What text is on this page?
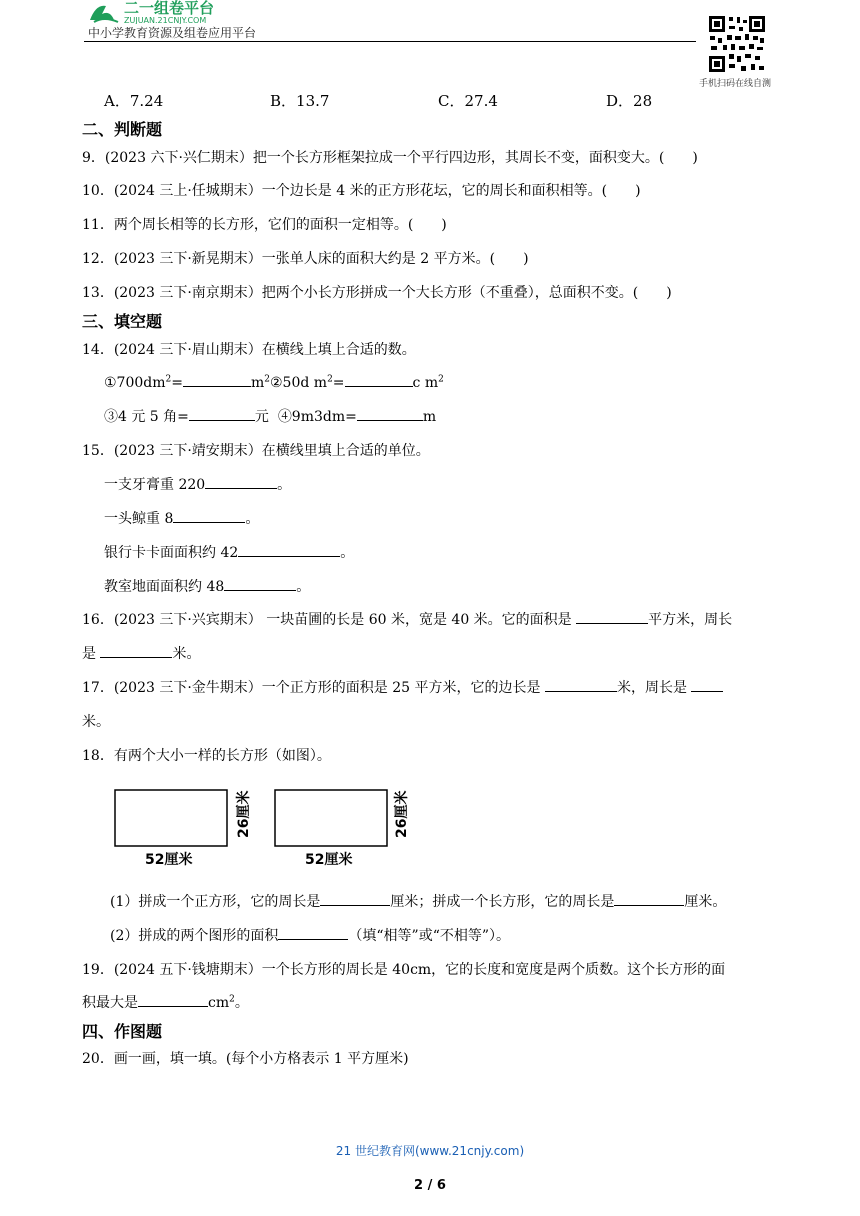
二一组卷平台
ZUJUAN.21CNJY.COM
中小学教育资源及组卷应用平台
手机扫码在线自测
A．7.24	B．13.7	C．27.4	D．28
二、判断题
9．(2023 六下·兴仁期末）把一个长方形框架拉成一个平行四边形，其周长不变，面积变大。(　　)
10．(2024 三上·任城期末）一个边长是 4 米的正方形花坛，它的周长和面积相等。(　　)
11．两个周长相等的长方形，它们的面积一定相等。(　　)
12．(2023 三下·新晃期末）一张单人床的面积大约是 2 平方米。(　　)
13．(2023 三下·南京期末）把两个小长方形拼成一个大长方形（不重叠），总面积不变。(　　)
三、填空题
14．(2024 三下·眉山期末）在横线上填上合适的数。
$①700dm^2=$	$m^2②50d$ $m^2=$	c $m^2$
③4 元 5 角=	元 ④9m3dm=	m
15．(2023 三下·靖安期末）在横线里填上合适的单位。
一支牙膏重 220	。
一头鲸重 8	。
银行卡卡面面积约 42	。
教室地面面积约 48	。
16．(2023 三下·兴宾期末） 一块苗圃的长是 60 米，宽是 40 米。它的面积是	平方米，周长
是	米。
17．(2023 三下·金牛期末）一个正方形的面积是 25 平方米，它的边长是	米，周长是
米。
18．有两个大小一样的长方形（如图）。
52厘米
26厘米
52厘米
26厘米
(1）拼成一个正方形，它的周长是	厘米；拼成一个长方形，它的周长是	厘米。
(2）拼成的两个图形的面积	（填“相等”或“不相等”）。
19．(2024 五下·钱塘期末）一个长方形的周长是 40cm，它的长度和宽度是两个质数。这个长方形的面
积最大是	$cm^2$。
四、作图题
20．画一画，填一填。(每个小方格表示 1 平方厘米)
21 世纪教育网(www.21cnjy.com)
2 / 6
